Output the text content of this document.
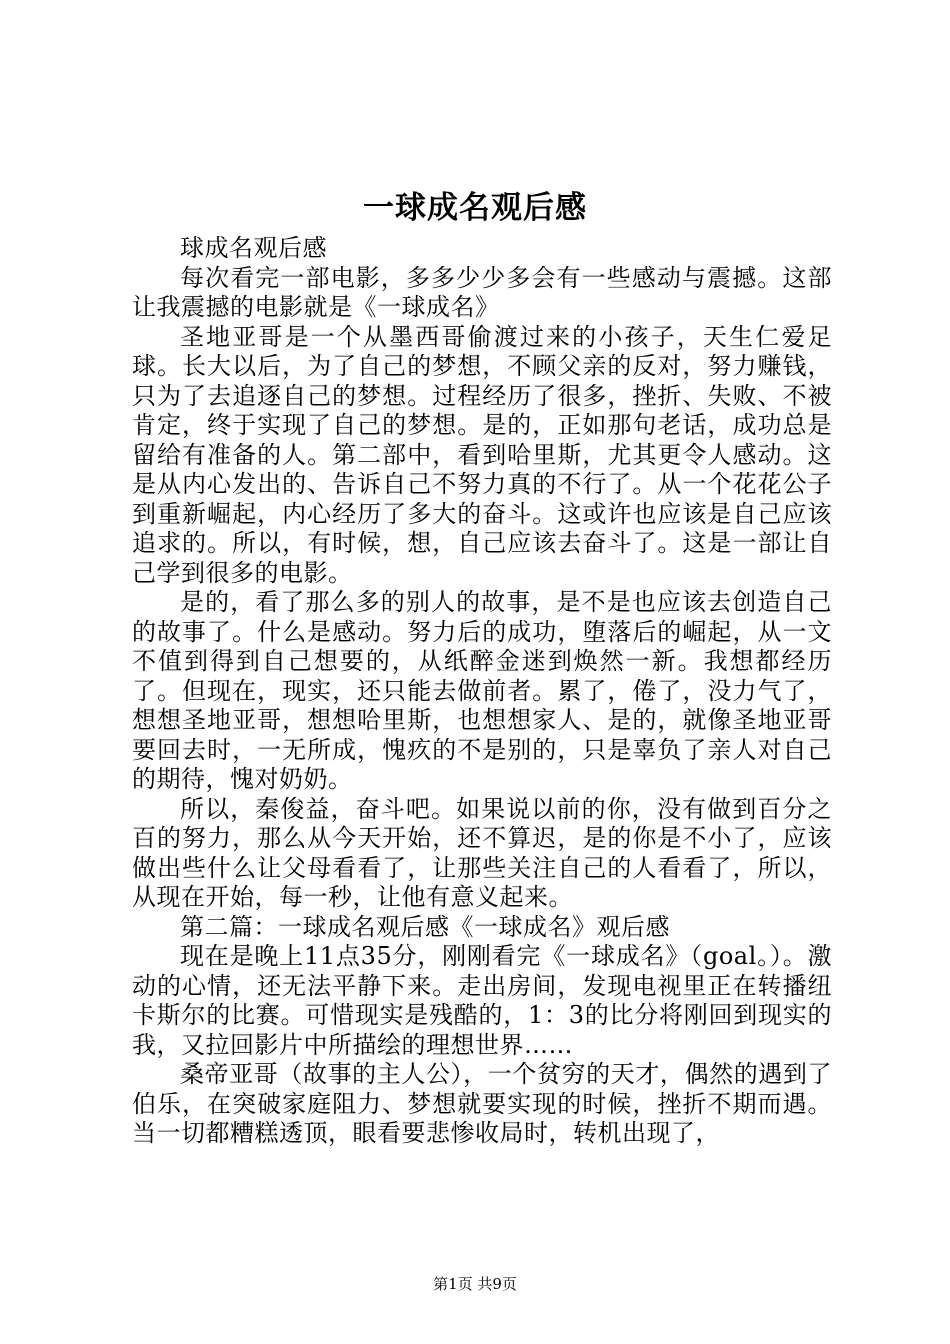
一球成名观后感

球成名观后感

每次看完一部电影，多多少少多会有一些感动与震撼。这部让我震撼的电影就是《一球成名》

圣地亚哥是一个从墨西哥偷渡过来的小孩子，天生仁爱足球。长大以后，为了自己的梦想，不顾父亲的反对，努力赚钱，只为了去追逐自己的梦想。过程经历了很多，挫折、失败、不被肯定，终于实现了自己的梦想。是的，正如那句老话，成功总是留给有准备的人。第二部中，看到哈里斯，尤其更令人感动。这是从内心发出的、告诉自己不努力真的不行了。从一个花花公子到重新崛起，内心经历了多大的奋斗。这或许也应该是自己应该追求的。所以，有时候，想，自己应该去奋斗了。这是一部让自己学到很多的电影。

是的，看了那么多的别人的故事，是不是也应该去创造自己的故事了。什么是感动。努力后的成功，堕落后的崛起，从一文不值到得到自己想要的，从纸醉金迷到焕然一新。我想都经历了。但现在，现实，还只能去做前者。累了，倦了，没力气了，想想圣地亚哥，想想哈里斯，也想想家人、是的，就像圣地亚哥要回去时，一无所成，愧疚的不是别的，只是辜负了亲人对自己的期待，愧对奶奶。

所以，秦俊益，奋斗吧。如果说以前的你，没有做到百分之百的努力，那么从今天开始，还不算迟，是的你是不小了，应该做出些什么让父母看看了，让那些关注自己的人看看了，所以，从现在开始，每一秒，让他有意义起来。

第二篇：一球成名观后感《一球成名》观后感

现在是晚上11点35分，刚刚看完《一球成名》（goal。）。激动的心情，还无法平静下来。走出房间，发现电视里正在转播纽卡斯尔的比赛。可惜现实是残酷的，1：3的比分将刚回到现实的我，又拉回影片中所描绘的理想世界……

桑帝亚哥（故事的主人公），一个贫穷的天才，偶然的遇到了伯乐，在突破家庭阻力、梦想就要实现的时候，挫折不期而遇。当一切都糟糕透顶，眼看要悲惨收局时，转机出现了，

第1页 共9页
